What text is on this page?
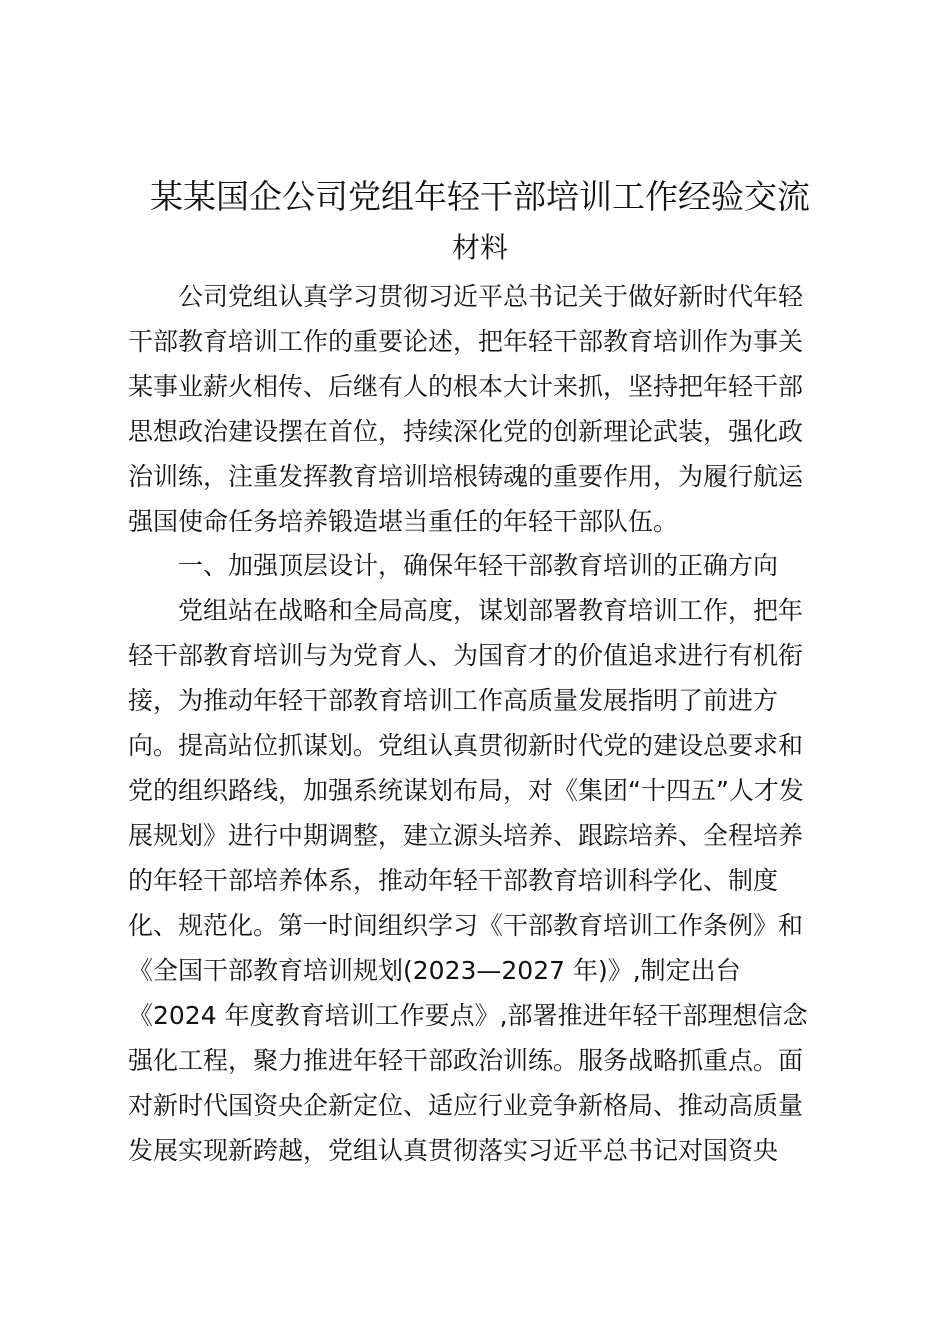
某某国企公司党组年轻干部培训工作经验交流
材料
公司党组认真学习贯彻习近平总书记关于做好新时代年轻
干部教育培训工作的重要论述，把年轻干部教育培训作为事关
某事业薪火相传、后继有人的根本大计来抓，坚持把年轻干部
思想政治建设摆在首位，持续深化党的创新理论武装，强化政
治训练，注重发挥教育培训培根铸魂的重要作用，为履行航运
强国使命任务培养锻造堪当重任的年轻干部队伍。
一、加强顶层设计，确保年轻干部教育培训的正确方向
党组站在战略和全局高度，谋划部署教育培训工作，把年
轻干部教育培训与为党育人、为国育才的价值追求进行有机衔
接，为推动年轻干部教育培训工作高质量发展指明了前进方
向。提高站位抓谋划。党组认真贯彻新时代党的建设总要求和
党的组织路线，加强系统谋划布局，对《集团“十四五”人才发
展规划》进行中期调整，建立源头培养、跟踪培养、全程培养
的年轻干部培养体系，推动年轻干部教育培训科学化、制度
化、规范化。第一时间组织学习《干部教育培训工作条例》和
《全国干部教育培训规划(2023—2027 年)》,制定出台
《2024 年度教育培训工作要点》,部署推进年轻干部理想信念
强化工程，聚力推进年轻干部政治训练。服务战略抓重点。面
对新时代国资央企新定位、适应行业竞争新格局、推动高质量
发展实现新跨越，党组认真贯彻落实习近平总书记对国资央
